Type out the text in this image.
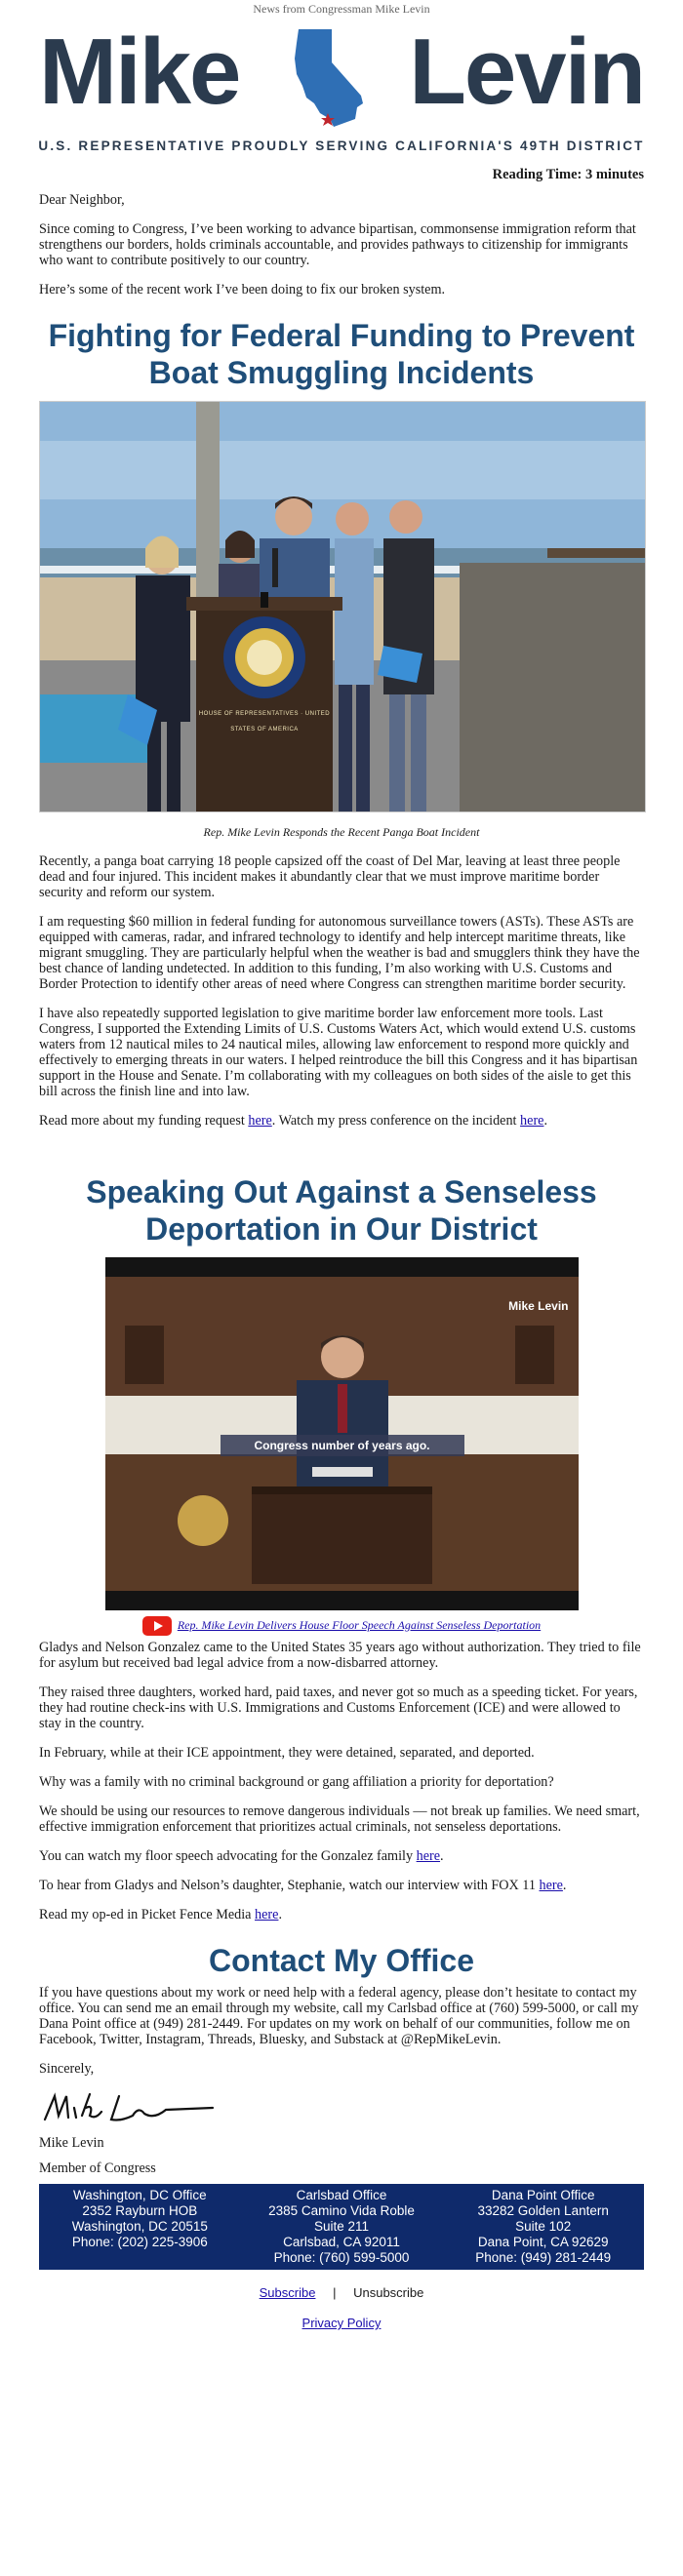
News from Congressman Mike Levin
Mike Levin
U.S. REPRESENTATIVE PROUDLY SERVING CALIFORNIA'S 49TH DISTRICT
Reading Time: 3 minutes

Dear Neighbor,

Since coming to Congress, I’ve been working to advance bipartisan, commonsense immigration reform that strengthens our borders, holds criminals accountable, and provides pathways to citizenship for immigrants who want to contribute positively to our country.

Here’s some of the recent work I’ve been doing to fix our broken system.

Fighting for Federal Funding to Prevent Boat Smuggling Incidents
HOUSE OF REPRESENTATIVES · UNITED STATES OF AMERICA
Rep. Mike Levin Responds the Recent Panga Boat Incident

Recently, a panga boat carrying 18 people capsized off the coast of Del Mar, leaving at least three people dead and four injured. This incident makes it abundantly clear that we must improve maritime border security and reform our system.

I am requesting $60 million in federal funding for autonomous surveillance towers (ASTs). These ASTs are equipped with cameras, radar, and infrared technology to identify and help intercept maritime threats, like migrant smuggling. They are particularly helpful when the weather is bad and smugglers think they have the best chance of landing undetected. In addition to this funding, I’m also working with U.S. Customs and Border Protection to identify other areas of need where Congress can strengthen maritime border security.

I have also repeatedly supported legislation to give maritime border law enforcement more tools. Last Congress, I supported the Extending Limits of U.S. Customs Waters Act, which would extend U.S. customs waters from 12 nautical miles to 24 nautical miles, allowing law enforcement to respond more quickly and effectively to emerging threats in our waters. I helped reintroduce the bill this Congress and it has bipartisan support in the House and Senate. I’m collaborating with my colleagues on both sides of the aisle to get this bill across the finish line and into law.

Read more about my funding request here. Watch my press conference on the incident here.

Speaking Out Against a Senseless Deportation in Our District
Mike Levin
Congress number of years ago.
Rep. Mike Levin Delivers House Floor Speech Against Senseless Deportation

Gladys and Nelson Gonzalez came to the United States 35 years ago without authorization. They tried to file for asylum but received bad legal advice from a now-disbarred attorney.

They raised three daughters, worked hard, paid taxes, and never got so much as a speeding ticket. For years, they had routine check-ins with U.S. Immigrations and Customs Enforcement (ICE) and were allowed to stay in the country.

In February, while at their ICE appointment, they were detained, separated, and deported.

Why was a family with no criminal background or gang affiliation a priority for deportation?

We should be using our resources to remove dangerous individuals — not break up families. We need smart, effective immigration enforcement that prioritizes actual criminals, not senseless deportations.

You can watch my floor speech advocating for the Gonzalez family here.

To hear from Gladys and Nelson’s daughter, Stephanie, watch our interview with FOX 11 here.

Read my op-ed in Picket Fence Media here.

Contact My Office

If you have questions about my work or need help with a federal agency, please don’t hesitate to contact my office. You can send me an email through my website, call my Carlsbad office at (760) 599-5000, or call my Dana Point office at (949) 281-2449. For updates on my work on behalf of our communities, follow me on Facebook, Twitter, Instagram, Threads, Bluesky, and Substack at @RepMikeLevin.

Sincerely,

Mike Levin

Member of Congress

Washington, DC Office
2352 Rayburn HOB
Washington, DC 20515
Phone: (202) 225-3906
Carlsbad Office
2385 Camino Vida Roble
Suite 211
Carlsbad, CA 92011
Phone: (760) 599-5000
Dana Point Office
33282 Golden Lantern
Suite 102
Dana Point, CA 92629
Phone: (949) 281-2449
Subscribe | Unsubscribe
Privacy Policy
